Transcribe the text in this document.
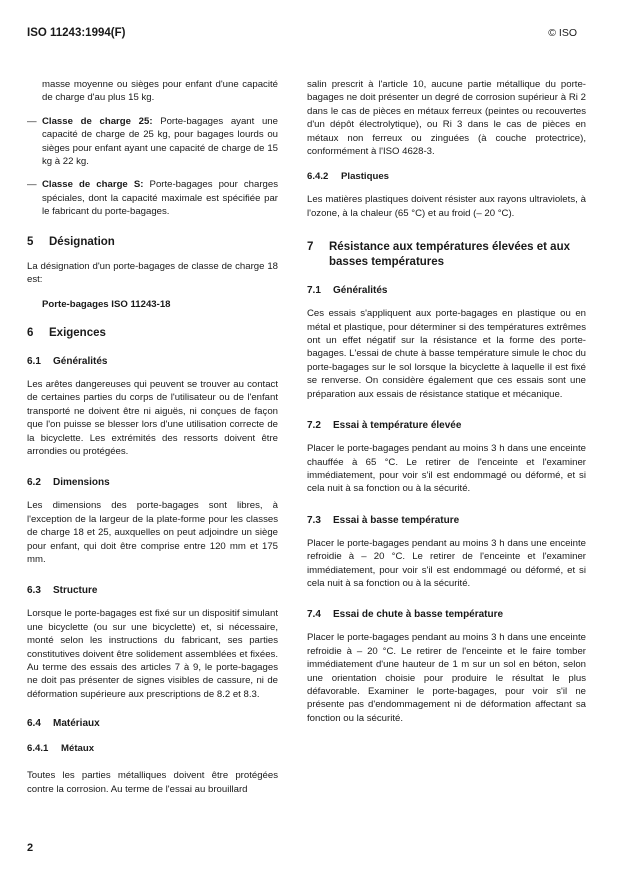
ISO 11243:1994(F)	© ISO

masse moyenne ou sièges pour enfant d'une capacité de charge d'au plus 15 kg.

— Classe de charge 25: Porte-bagages ayant une capacité de charge de 25 kg, pour bagages lourds ou sièges pour enfant ayant une capacité de charge de 15 kg à 22 kg.
— Classe de charge S: Porte-bagages pour charges spéciales, dont la capacité maximale est spécifiée par le fabricant du porte-bagages.
5	Désignation

La désignation d'un porte-bagages de classe de charge 18 est:

Porte-bagages ISO 11243-18

6	Exigences
6.1	Généralités

Les arêtes dangereuses qui peuvent se trouver au contact de certaines parties du corps de l'utilisateur ou de l'enfant transporté ne doivent être ni aiguës, ni conçues de façon que l'on puisse se blesser lors d'une utilisation correcte de la bicyclette. Les extrémités des ressorts doivent être arrondies ou protégées.

6.2	Dimensions

Les dimensions des porte-bagages sont libres, à l'exception de la largeur de la plate-forme pour les classes de charge 18 et 25, auxquelles on peut adjoindre un siège pour enfant, qui doit être comprise entre 120 mm et 175 mm.

6.3	Structure

Lorsque le porte-bagages est fixé sur un dispositif simulant une bicyclette (ou sur une bicyclette) et, si nécessaire, monté selon les instructions du fabricant, ses parties constitutives doivent être solidement assemblées et fixées. Au terme des essais des articles 7 à 9, le porte-bagages ne doit pas présenter de signes visibles de cassure, ni de déformation supérieure aux prescriptions de 8.2 et 8.3.

6.4	Matériaux
6.4.1	Métaux

Toutes les parties métalliques doivent être protégées contre la corrosion. Au terme de l'essai au brouillard

salin prescrit à l'article 10, aucune partie métallique du porte-bagages ne doit présenter un degré de corrosion supérieur à Ri 2 dans le cas de pièces en métaux ferreux (peintes ou recouvertes d'un dépôt électrolytique), ou Ri 3 dans le cas de pièces en métaux non ferreux ou zinguées (à couche protectrice), conformément à l'ISO 4628-3.

6.4.2	Plastiques

Les matières plastiques doivent résister aux rayons ultraviolets, à l'ozone, à la chaleur (65 °C) et au froid (– 20 °C).

7	Résistance aux températures élevées et aux basses températures
7.1	Généralités

Ces essais s'appliquent aux porte-bagages en plastique ou en métal et plastique, pour déterminer si des températures extrêmes ont un effet négatif sur la résistance et la forme des porte-bagages. L'essai de chute à basse température simule le choc du porte-bagages sur le sol lorsque la bicyclette à laquelle il est fixé se renverse. On considère également que ces essais sont une préparation aux essais de résistance statique et mécanique.

7.2	Essai à température élevée

Placer le porte-bagages pendant au moins 3 h dans une enceinte chauffée à 65 °C. Le retirer de l'enceinte et l'examiner immédiatement, pour voir s'il est endommagé ou déformé, et si cela nuit à sa fonction ou à la sécurité.

7.3	Essai à basse température

Placer le porte-bagages pendant au moins 3 h dans une enceinte refroidie à – 20 °C. Le retirer de l'enceinte et l'examiner immédiatement, pour voir s'il est endommagé ou déformé, et si cela nuit à sa fonction ou à la sécurité.

7.4	Essai de chute à basse température

Placer le porte-bagages pendant au moins 3 h dans une enceinte refroidie à – 20 °C. Le retirer de l'enceinte et le faire tomber immédiatement d'une hauteur de 1 m sur un sol en béton, selon une orientation choisie pour produire le résultat le plus défavorable. Examiner le porte-bagages, pour voir s'il ne présente pas d'endommagement ni de déformation affectant sa fonction ou la sécurité.

2
